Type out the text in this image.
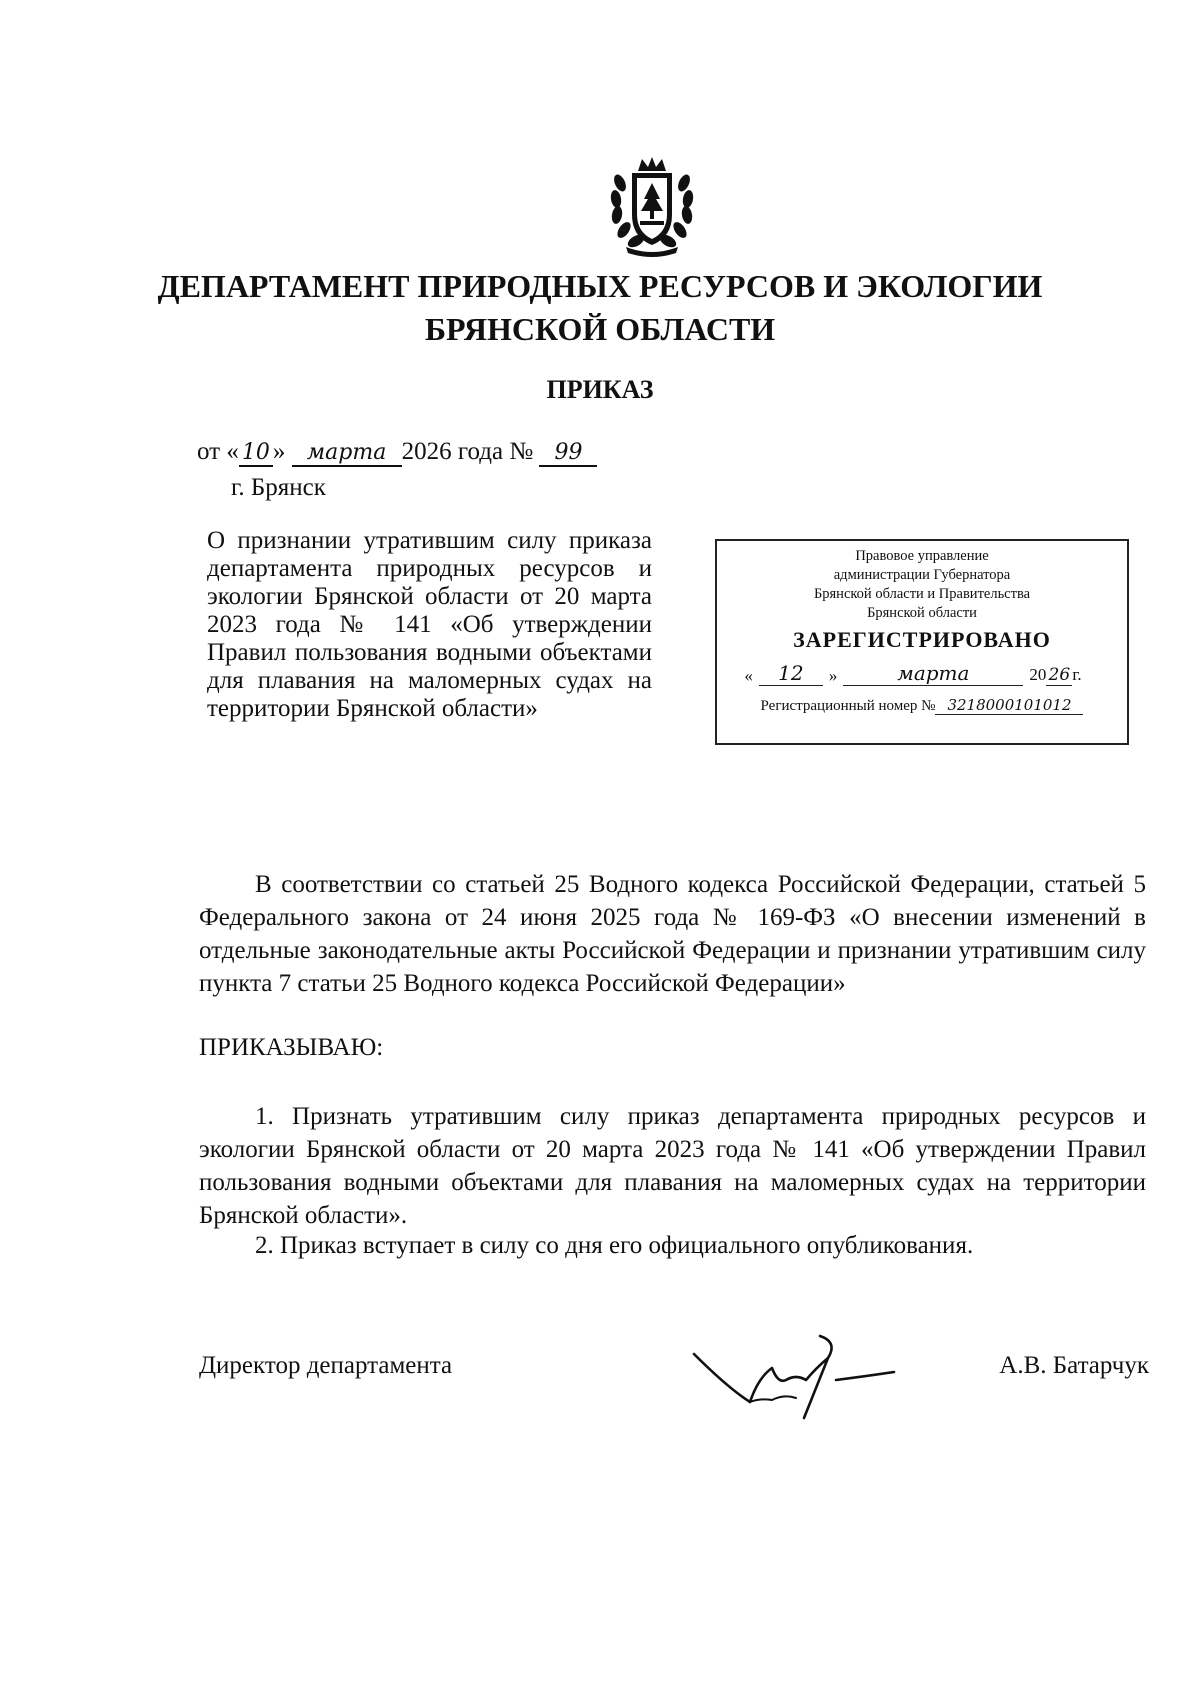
ДЕПАРТАМЕНТ ПРИРОДНЫХ РЕСУРСОВ И ЭКОЛОГИИ
БРЯНСКОЙ ОБЛАСТИ
ПРИКАЗ
от « 10 » марта 2026 года № 99
г. Брянск
О признании утратившим силу приказа департамента природных ресурсов и экологии Брянской области от 20 марта 2023 года № 141 «Об утверждении Правил пользования водными объектами для плавания на маломерных судах на территории Брянской области»
Правовое управление
администрации Губернатора
Брянской области и Правительства
Брянской области
ЗАРЕГИСТРИРОВАНО
«	12	»	марта	20 26 г.
Регистрационный номер № 3218000101012
В соответствии со статьей 25 Водного кодекса Российской Федерации, статьей 5 Федерального закона от 24 июня 2025 года № 169-ФЗ «О внесении изменений в отдельные законодательные акты Российской Федерации и признании утратившим силу пункта 7 статьи 25 Водного кодекса Российской Федерации»
ПРИКАЗЫВАЮ:
1. Признать утратившим силу приказ департамента природных ресурсов и экологии Брянской области от 20 марта 2023 года № 141 «Об утверждении Правил пользования водными объектами для плавания на маломерных судах на территории Брянской области».
2. Приказ вступает в силу со дня его официального опубликования.
Директор департамента	А.В. Батарчук
